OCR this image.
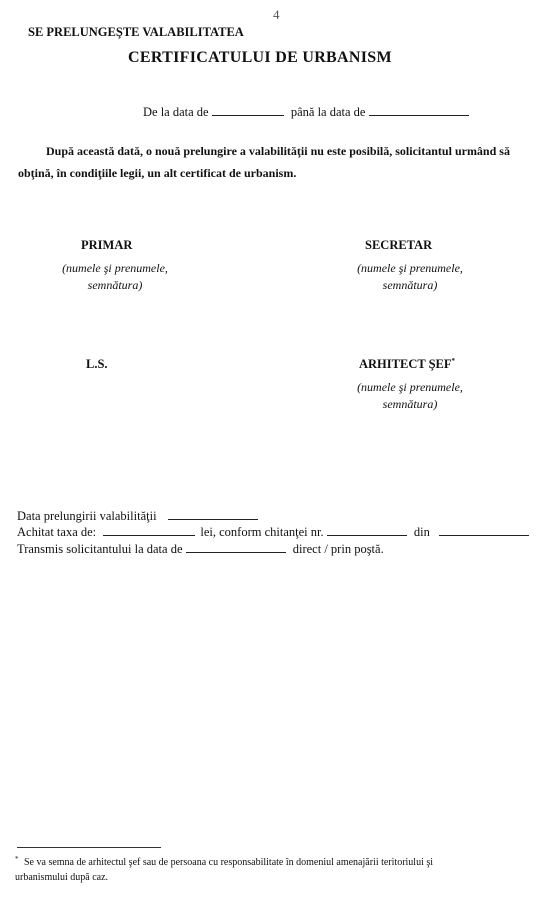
4
SE PRELUNGEŞTE VALABILITATEA
CERTIFICATULUI DE URBANISM
De la data de	până la data de
După această dată, o nouă prelungire a valabilităţii nu este posibilă, solicitantul urmând să
obţină, în condiţiile legii, un alt certificat de urbanism.
PRIMAR
(numele şi prenumele,
semnătura)
SECRETAR
(numele şi prenumele,
semnătura)
L.S.	ARHITECT ŞEF*
(numele şi prenumele,
semnătura)
Data prelungirii valabilităţii
Achitat taxa de:	lei, conform chitanţei nr.	din
Transmis solicitantului la data de	direct / prin poştă.
* Se va semna de arhitectul şef sau de persoana cu responsabilitate în domeniul amenajării teritoriului şi
urbanismului după caz.
